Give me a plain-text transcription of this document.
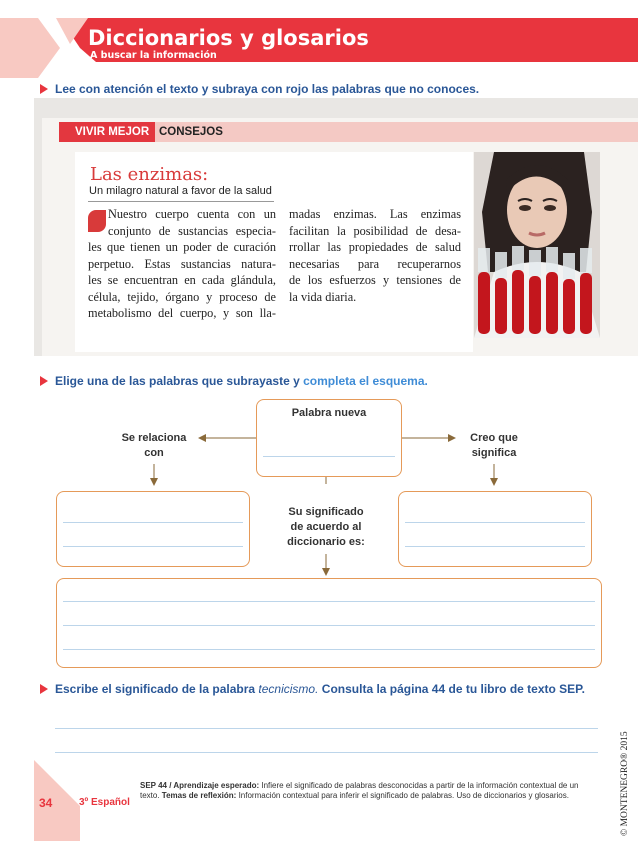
Diccionarios y glosarios
A buscar la información
Lee con atención el texto y subraya con rojo las palabras que no conoces.
VIVIR MEJOR CONSEJOS
Las enzimas:
Un milagro natural a favor de la salud
Nuestro cuerpo cuenta con un
conjunto de sustancias especia-
les que tienen un poder de curación
perpetuo. Estas sustancias natura-
les se encuentran en cada glándula,
célula, tejido, órgano y proceso de
metabolismo del cuerpo, y son lla-
madas enzimas. Las enzimas
facilitan la posibilidad de desa-
rrollar las propiedades de salud
necesarias para recuperarnos
de los esfuerzos y tensiones de
la vida diaria.
Elige una de las palabras que subrayaste y completa el esquema.
Palabra nueva
Se relaciona
con
Creo que
significa
Su significado
de acuerdo al
diccionario es:
Escribe el significado de la palabra tecnicismo. Consulta la página 44 de tu libro de texto SEP.
© MONTENEGRO® 2015
34	3º Español
SEP 44 / Aprendizaje esperado: Infiere el significado de palabras desconocidas a partir de la información contextual de un texto. Temas de reflexión: Información contextual para inferir el significado de palabras. Uso de diccionarios y glosarios.
